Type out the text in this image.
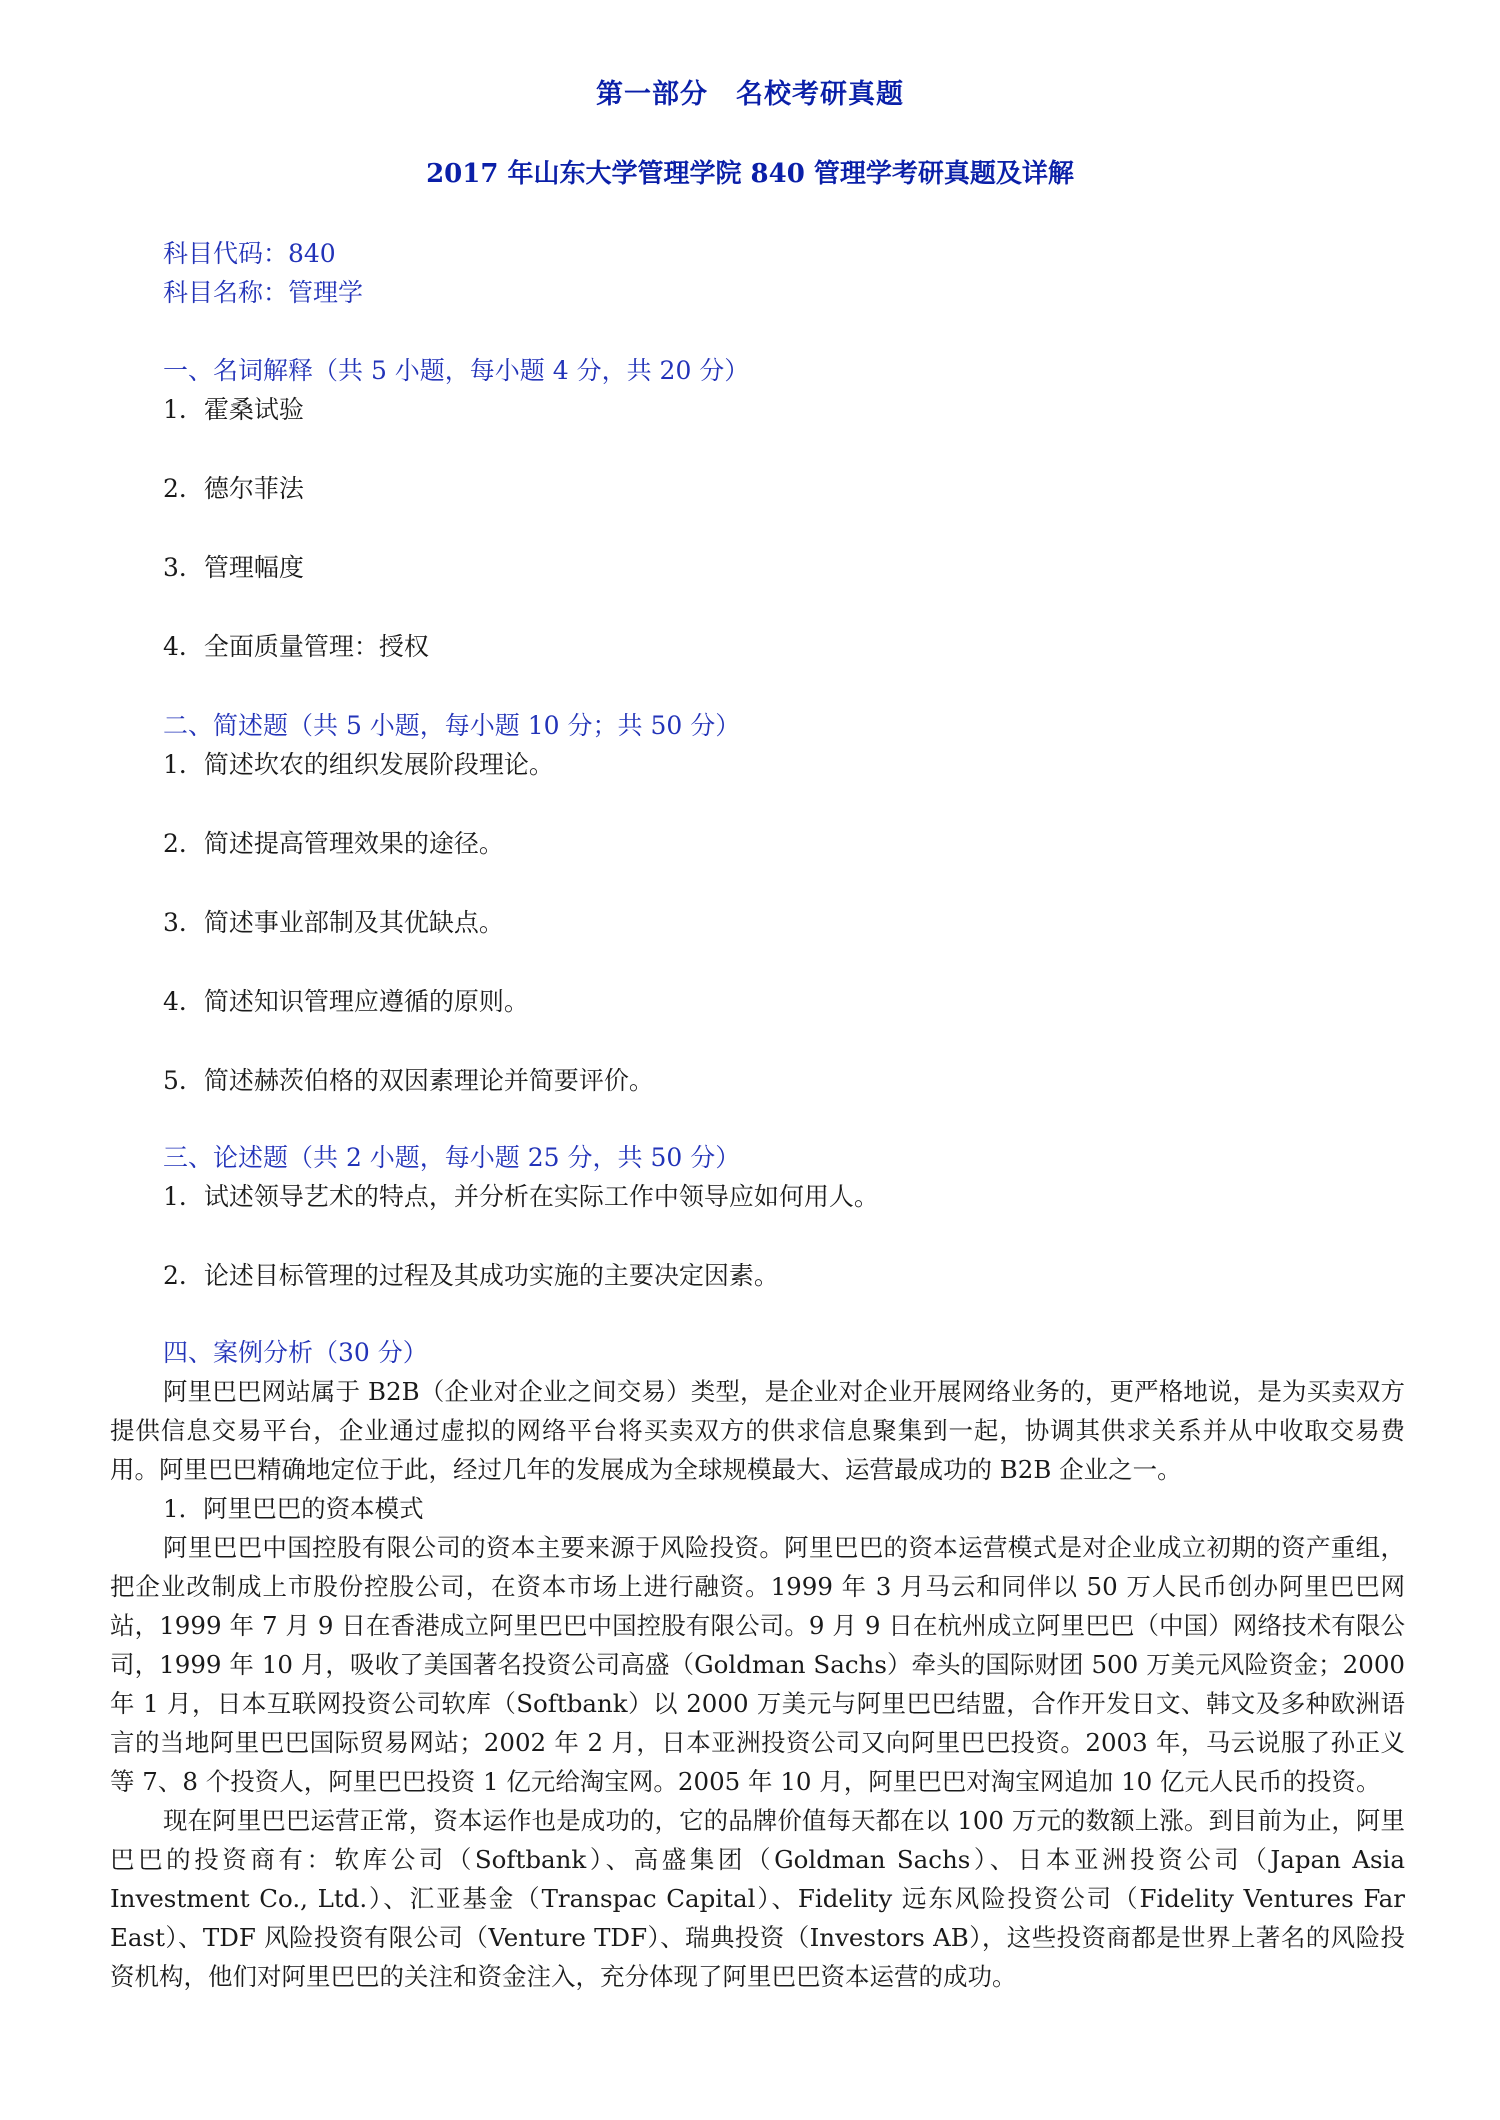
第一部分　名校考研真题
2017 年山东大学管理学院 840 管理学考研真题及详解
科目代码：840
科目名称：管理学
一、名词解释（共 5 小题，每小题 4 分，共 20 分）
1．霍桑试验
2．德尔菲法
3．管理幅度
4．全面质量管理：授权
二、简述题（共 5 小题，每小题 10 分；共 50 分）
1．简述坎农的组织发展阶段理论。
2．简述提高管理效果的途径。
3．简述事业部制及其优缺点。
4．简述知识管理应遵循的原则。
5．简述赫茨伯格的双因素理论并简要评价。
三、论述题（共 2 小题，每小题 25 分，共 50 分）
1．试述领导艺术的特点，并分析在实际工作中领导应如何用人。
2．论述目标管理的过程及其成功实施的主要决定因素。
四、案例分析（30 分）

阿里巴巴网站属于 B2B（企业对企业之间交易）类型，是企业对企业开展网络业务的，更严格地说，是为买卖双方提供信息交易平台，企业通过虚拟的网络平台将买卖双方的供求信息聚集到一起，协调其供求关系并从中收取交易费用。阿里巴巴精确地定位于此，经过几年的发展成为全球规模最大、运营最成功的 B2B 企业之一。

1．阿里巴巴的资本模式

阿里巴巴中国控股有限公司的资本主要来源于风险投资。阿里巴巴的资本运营模式是对企业成立初期的资产重组，把企业改制成上市股份控股公司，在资本市场上进行融资。1999 年 3 月马云和同伴以 50 万人民币创办阿里巴巴网站，1999 年 7 月 9 日在香港成立阿里巴巴中国控股有限公司。9 月 9 日在杭州成立阿里巴巴（中国）网络技术有限公司，1999 年 10 月，吸收了美国著名投资公司高盛（Goldman Sachs）牵头的国际财团 500 万美元风险资金；2000 年 1 月，日本互联网投资公司软库（Softbank）以 2000 万美元与阿里巴巴结盟，合作开发日文、韩文及多种欧洲语言的当地阿里巴巴国际贸易网站；2002 年 2 月，日本亚洲投资公司又向阿里巴巴投资。2003 年，马云说服了孙正义等 7、8 个投资人，阿里巴巴投资 1 亿元给淘宝网。2005 年 10 月，阿里巴巴对淘宝网追加 10 亿元人民币的投资。

现在阿里巴巴运营正常，资本运作也是成功的，它的品牌价值每天都在以 100 万元的数额上涨。到目前为止，阿里巴巴的投资商有：软库公司（Softbank）、高盛集团（Goldman Sachs）、日本亚洲投资公司（Japan Asia Investment Co., Ltd.）、汇亚基金（Transpac Capital）、Fidelity 远东风险投资公司（Fidelity Ventures Far East）、TDF 风险投资有限公司（Venture TDF）、瑞典投资（Investors AB），这些投资商都是世界上著名的风险投资机构，他们对阿里巴巴的关注和资金注入，充分体现了阿里巴巴资本运营的成功。
